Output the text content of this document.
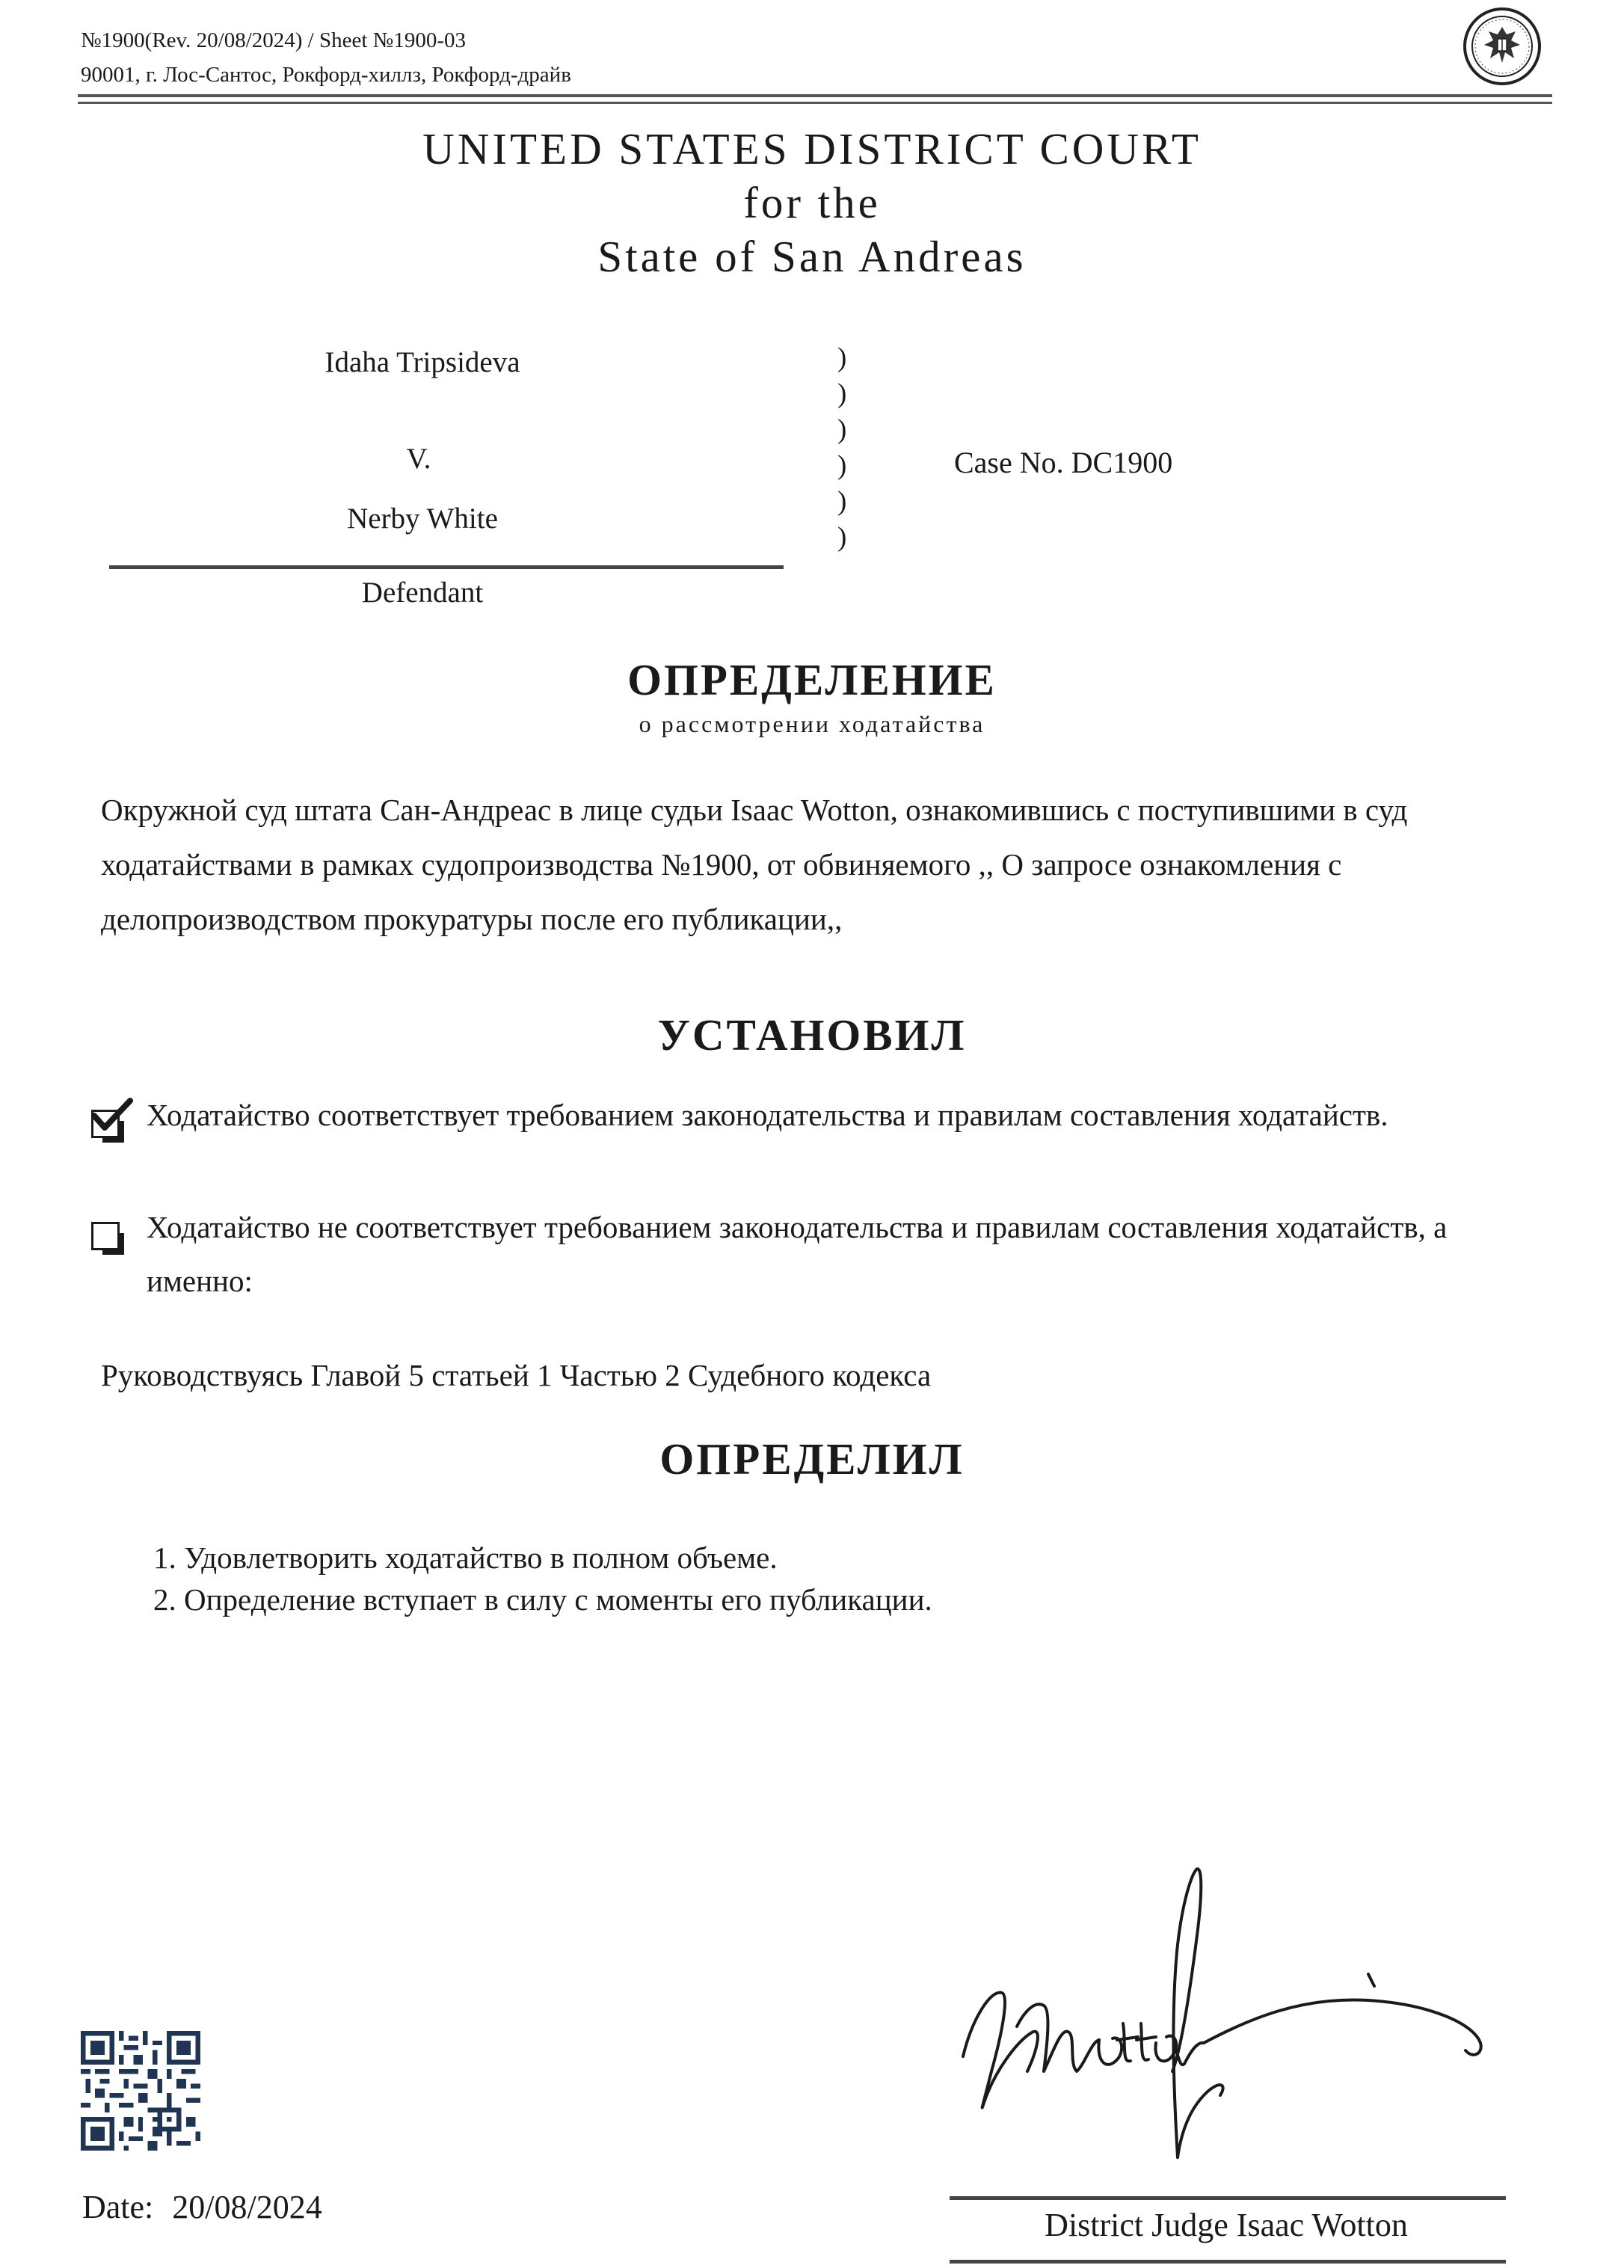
№1900(Rev. 20/08/2024) / Sheet №1900-03
90001, г. Лос-Сантос, Рокфорд-хиллз, Рокфорд-драйв
UNITED STATES DISTRICT COURT
for the
State of San Andreas
Idaha Tripsideva
V.
Nerby White
Defendant
)
)
)
)
)
)
Case No. DC1900
ОПРЕДЕЛЕНИЕ
о рассмотрении ходатайства
Окружной суд штата Сан-Андреас в лице судьи Isaac Wotton, ознакомившись с поступившими в суд ходатайствами в рамках судопроизводства №1900, от обвиняемого ,, О запросе ознакомления с делопроизводством прокуратуры после его публикации,,
УСТАНОВИЛ
Ходатайство соответствует требованием законодательства и правилам составления ходатайств.
Ходатайство не соответствует требованием законодательства и правилам составления ходатайств, а именно:
Руководствуясь Главой 5 статьей 1 Частью 2 Судебного кодекса
ОПРЕДЕЛИЛ
1. Удовлетворить ходатайство в полном объеме.
2. Определение вступает в силу с моменты его публикации.
Date: 20/08/2024	District Judge Isaac Wotton
